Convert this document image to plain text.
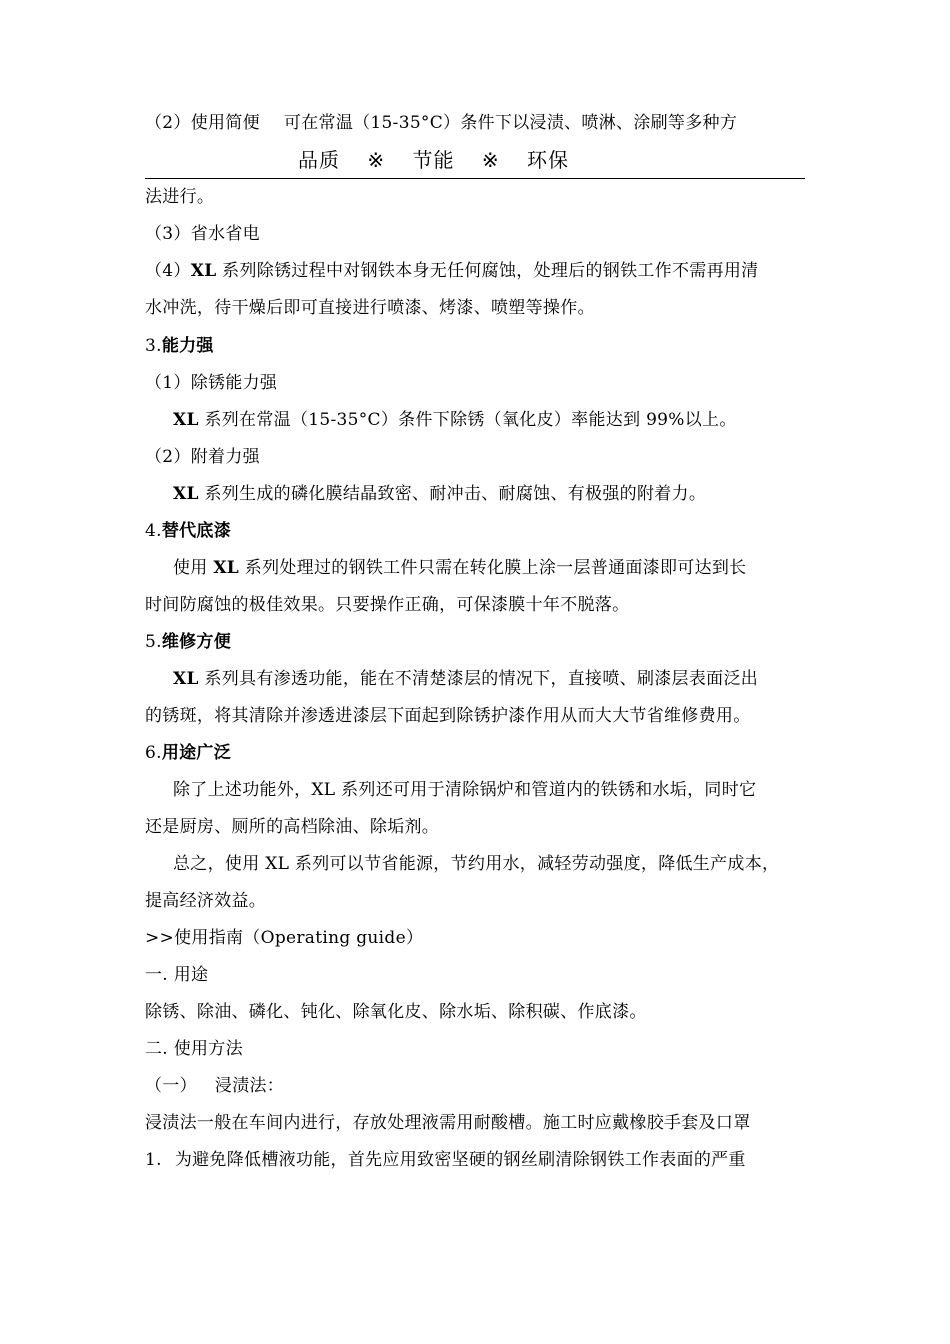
（2）使用简便 可在常温（15-35°C）条件下以浸渍、喷淋、涂刷等多种方
品质 ※ 节能 ※ 环保
法进行。
（3）省水省电
（4）XL 系列除锈过程中对钢铁本身无任何腐蚀，处理后的钢铁工作不需再用清
水冲洗，待干燥后即可直接进行喷漆、烤漆、喷塑等操作。
3.能力强
（1）除锈能力强
XL 系列在常温（15-35°C）条件下除锈（氧化皮）率能达到 99%以上。
（2）附着力强
XL 系列生成的磷化膜结晶致密、耐冲击、耐腐蚀、有极强的附着力。
4.替代底漆
使用 XL 系列处理过的钢铁工件只需在转化膜上涂一层普通面漆即可达到长
时间防腐蚀的极佳效果。只要操作正确，可保漆膜十年不脱落。
5.维修方便
XL 系列具有渗透功能，能在不清楚漆层的情况下，直接喷、刷漆层表面泛出
的锈斑，将其清除并渗透进漆层下面起到除锈护漆作用从而大大节省维修费用。
6.用途广泛
除了上述功能外，XL 系列还可用于清除锅炉和管道内的铁锈和水垢，同时它
还是厨房、厕所的高档除油、除垢剂。
总之，使用 XL 系列可以节省能源，节约用水，减轻劳动强度，降低生产成本，
提高经济效益。
>>使用指南（Operating guide）
一. 用途
除锈、除油、磷化、钝化、除氧化皮、除水垢、除积碳、作底漆。
二. 使用方法
（一） 浸渍法：
浸渍法一般在车间内进行，存放处理液需用耐酸槽。施工时应戴橡胶手套及口罩
1. 为避免降低槽液功能，首先应用致密坚硬的钢丝刷清除钢铁工作表面的严重
